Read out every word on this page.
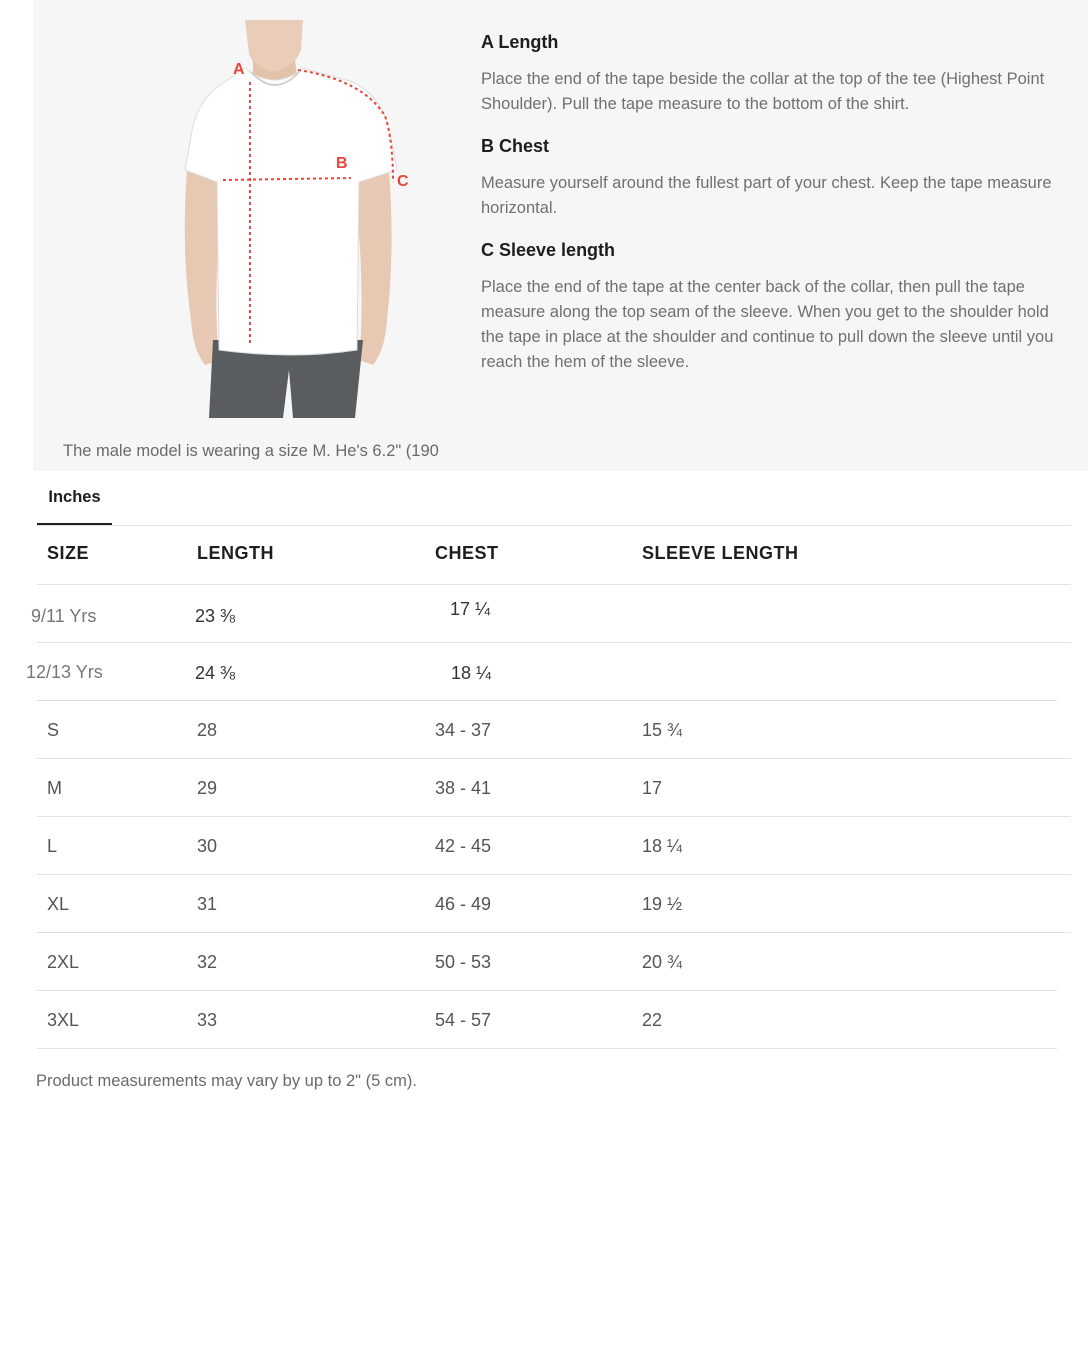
A
B
C
The male model is wearing a size M. He's 6.2" (190
A Length

Place the end of the tape beside the collar at the top of the tee (Highest Point Shoulder). Pull the tape measure to the bottom of the shirt.

B Chest

Measure yourself around the fullest part of your chest. Keep the tape measure horizontal.

C Sleeve length

Place the end of the tape at the center back of the collar, then pull the tape measure along the top seam of the sleeve. When you get to the shoulder hold the tape in place at the shoulder and continue to pull down the sleeve until you reach the hem of the sleeve.

Inches
SIZE	LENGTH	CHEST	SLEEVE LENGTH
9/11 Yrs	23 ⅜	17 ¼
12/13 Yrs	24 ⅜	18 ¼
S	28	34 - 37	15 ¾
M	29	38 - 41	17
L	30	42 - 45	18 ¼
XL	31	46 - 49	19 ½
2XL	32	50 - 53	20 ¾
3XL	33	54 - 57	22
Product measurements may vary by up to 2" (5 cm).
